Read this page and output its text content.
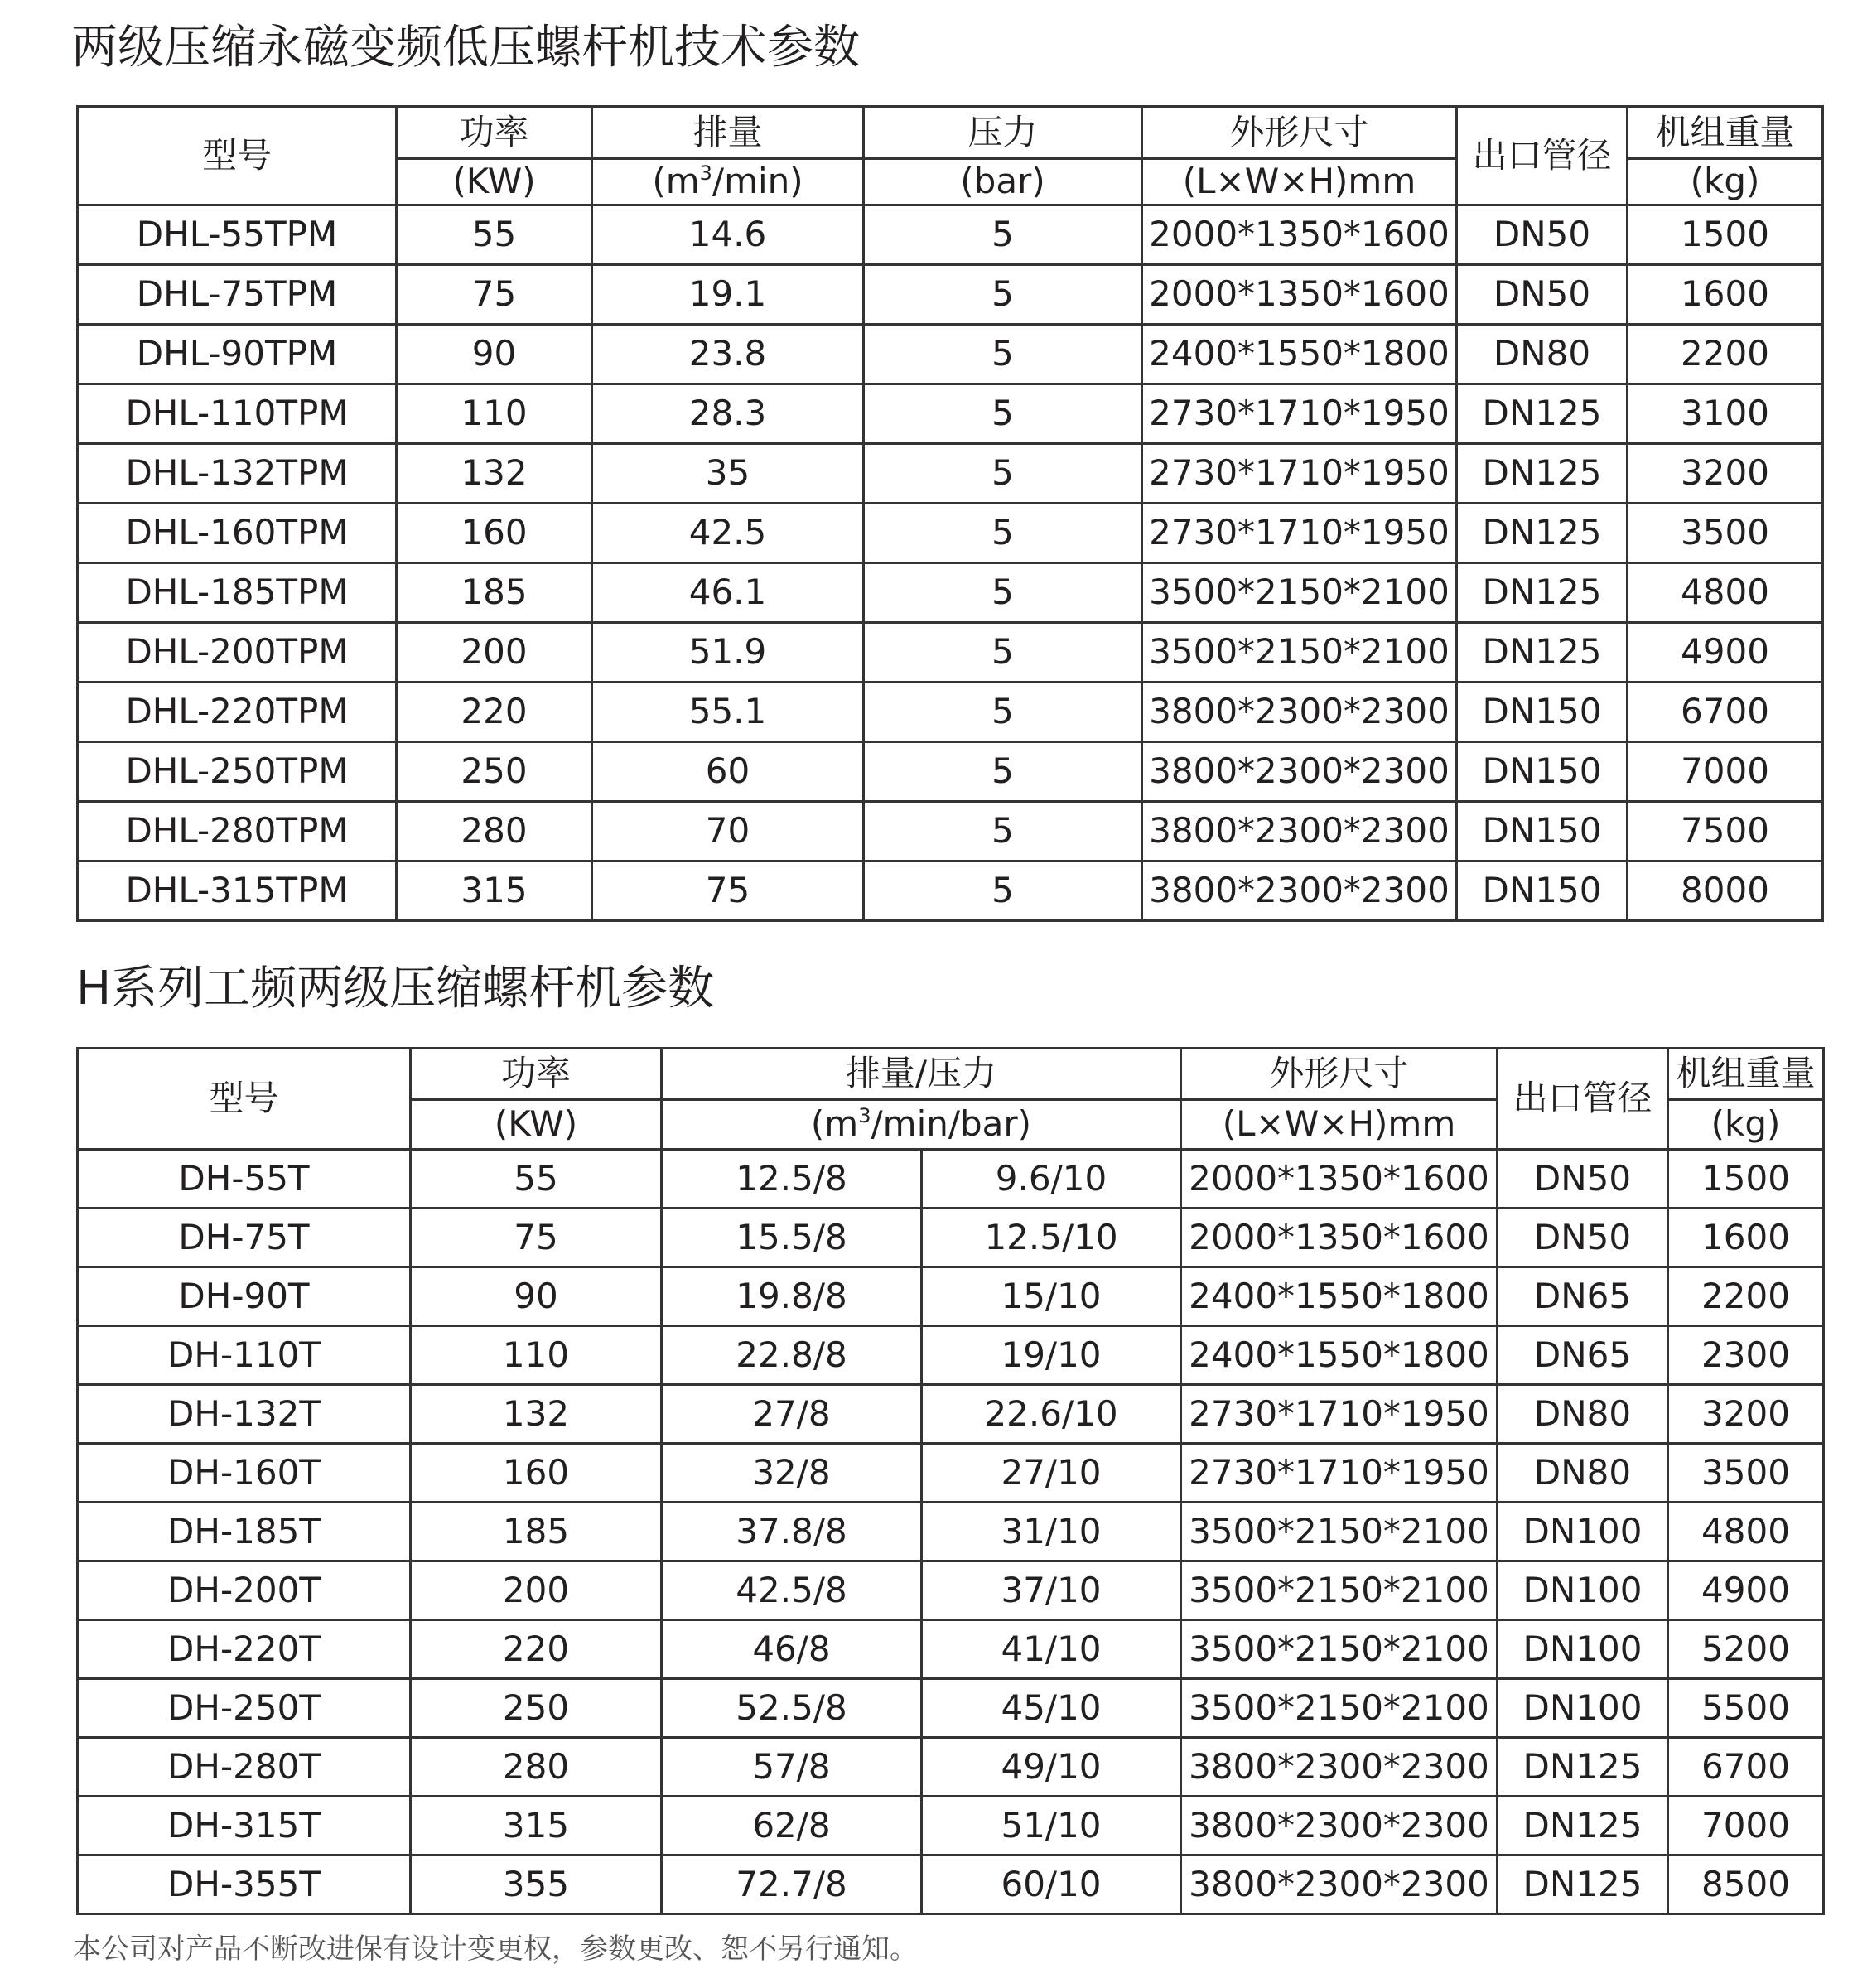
两级压缩永磁变频低压螺杆机技术参数
型号	功率	排量	压力	外形尺寸	出口管径	机组重量
	(KW)	$(m^3/\min)$	(bar)	(L×W×H)mm		(kg)
DHL-55TPM	55	14.6	5	2000*1350*1600	DN50	1500
DHL-75TPM	75	19.1	5	2000*1350*1600	DN50	1600
DHL-90TPM	90	23.8	5	2400*1550*1800	DN80	2200
DHL-110TPM	110	28.3	5	2730*1710*1950	DN125	3100
DHL-132TPM	132	35	5	2730*1710*1950	DN125	3200
DHL-160TPM	160	42.5	5	2730*1710*1950	DN125	3500
DHL-185TPM	185	46.1	5	3500*2150*2100	DN125	4800
DHL-200TPM	200	51.9	5	3500*2150*2100	DN125	4900
DHL-220TPM	220	55.1	5	3800*2300*2300	DN150	6700
DHL-250TPM	250	60	5	3800*2300*2300	DN150	7000
DHL-280TPM	280	70	5	3800*2300*2300	DN150	7500
DHL-315TPM	315	75	5	3800*2300*2300	DN150	8000
H系列工频两级压缩螺杆机参数
型号	功率	排量/压力		外形尺寸	出口管径	机组重量
	(KW)	$(m^3/\min/bar)$		(L×W×H)mm		(kg)
DH-55T	55	12.5/8	9.6/10	2000*1350*1600	DN50	1500
DH-75T	75	15.5/8	12.5/10	2000*1350*1600	DN50	1600
DH-90T	90	19.8/8	15/10	2400*1550*1800	DN65	2200
DH-110T	110	22.8/8	19/10	2400*1550*1800	DN65	2300
DH-132T	132	27/8	22.6/10	2730*1710*1950	DN80	3200
DH-160T	160	32/8	27/10	2730*1710*1950	DN80	3500
DH-185T	185	37.8/8	31/10	3500*2150*2100	DN100	4800
DH-200T	200	42.5/8	37/10	3500*2150*2100	DN100	4900
DH-220T	220	46/8	41/10	3500*2150*2100	DN100	5200
DH-250T	250	52.5/8	45/10	3500*2150*2100	DN100	5500
DH-280T	280	57/8	49/10	3800*2300*2300	DN125	6700
DH-315T	315	62/8	51/10	3800*2300*2300	DN125	7000
DH-355T	355	72.7/8	60/10	3800*2300*2300	DN125	8500
本公司对产品不断改进保有设计变更权，参数更改、恕不另行通知。
